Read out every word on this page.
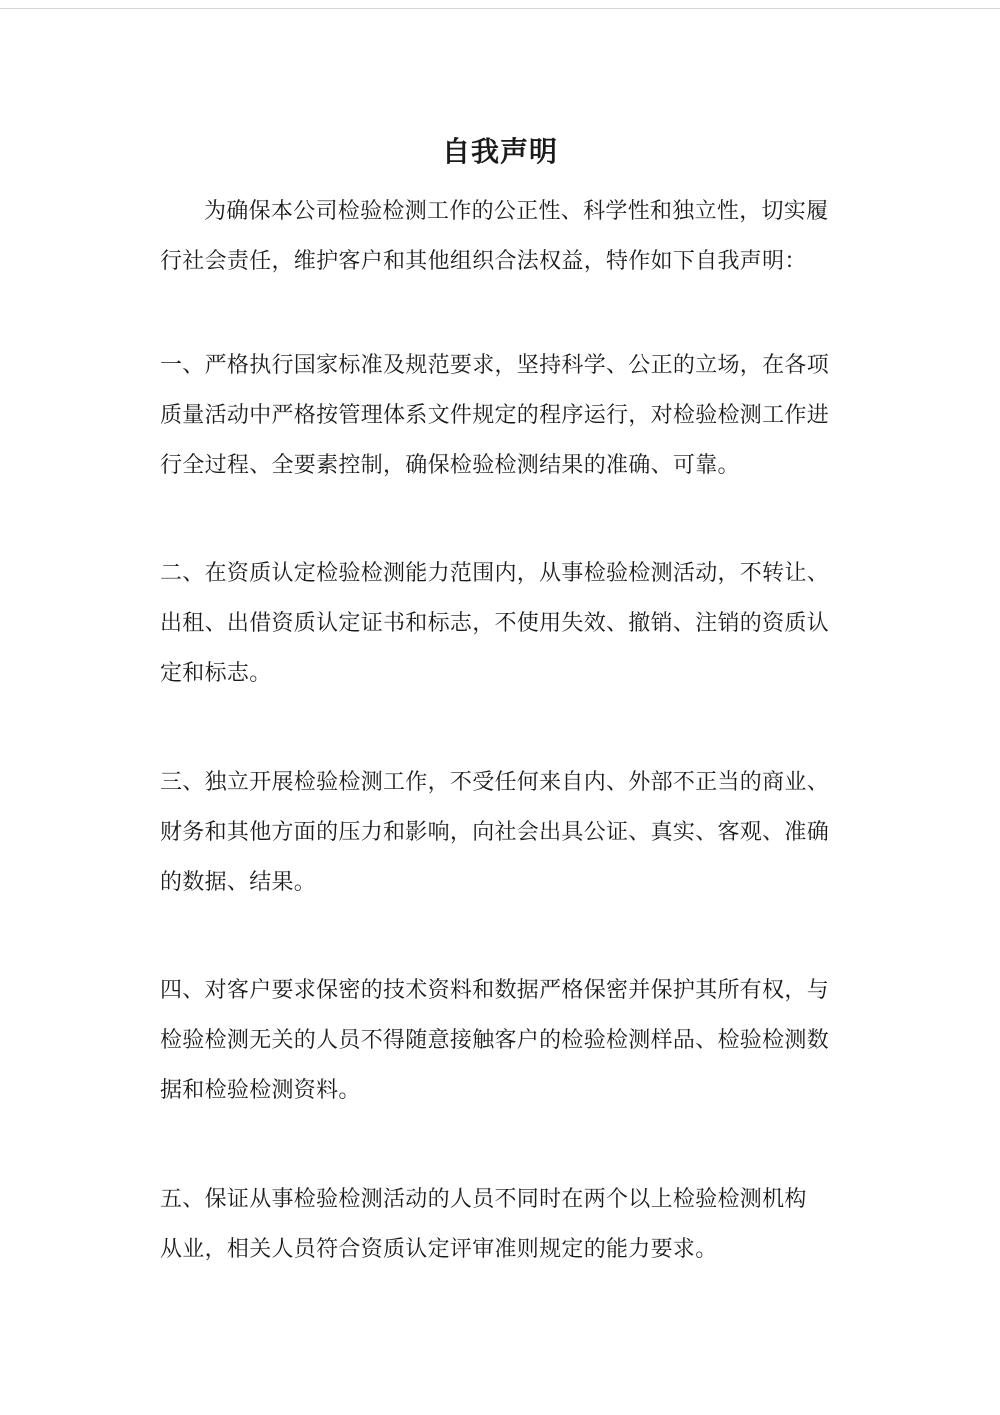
自我声明
为确保本公司检验检测工作的公正性、科学性和独立性，切实履
行社会责任，维护客户和其他组织合法权益，特作如下自我声明：
一、严格执行国家标准及规范要求，坚持科学、公正的立场，在各项
质量活动中严格按管理体系文件规定的程序运行，对检验检测工作进
行全过程、全要素控制，确保检验检测结果的准确、可靠。
二、在资质认定检验检测能力范围内，从事检验检测活动，不转让、
出租、出借资质认定证书和标志，不使用失效、撤销、注销的资质认
定和标志。
三、独立开展检验检测工作，不受任何来自内、外部不正当的商业、
财务和其他方面的压力和影响，向社会出具公证、真实、客观、准确
的数据、结果。
四、对客户要求保密的技术资料和数据严格保密并保护其所有权，与
检验检测无关的人员不得随意接触客户的检验检测样品、检验检测数
据和检验检测资料。
五、保证从事检验检测活动的人员不同时在两个以上检验检测机构
从业，相关人员符合资质认定评审准则规定的能力要求。
